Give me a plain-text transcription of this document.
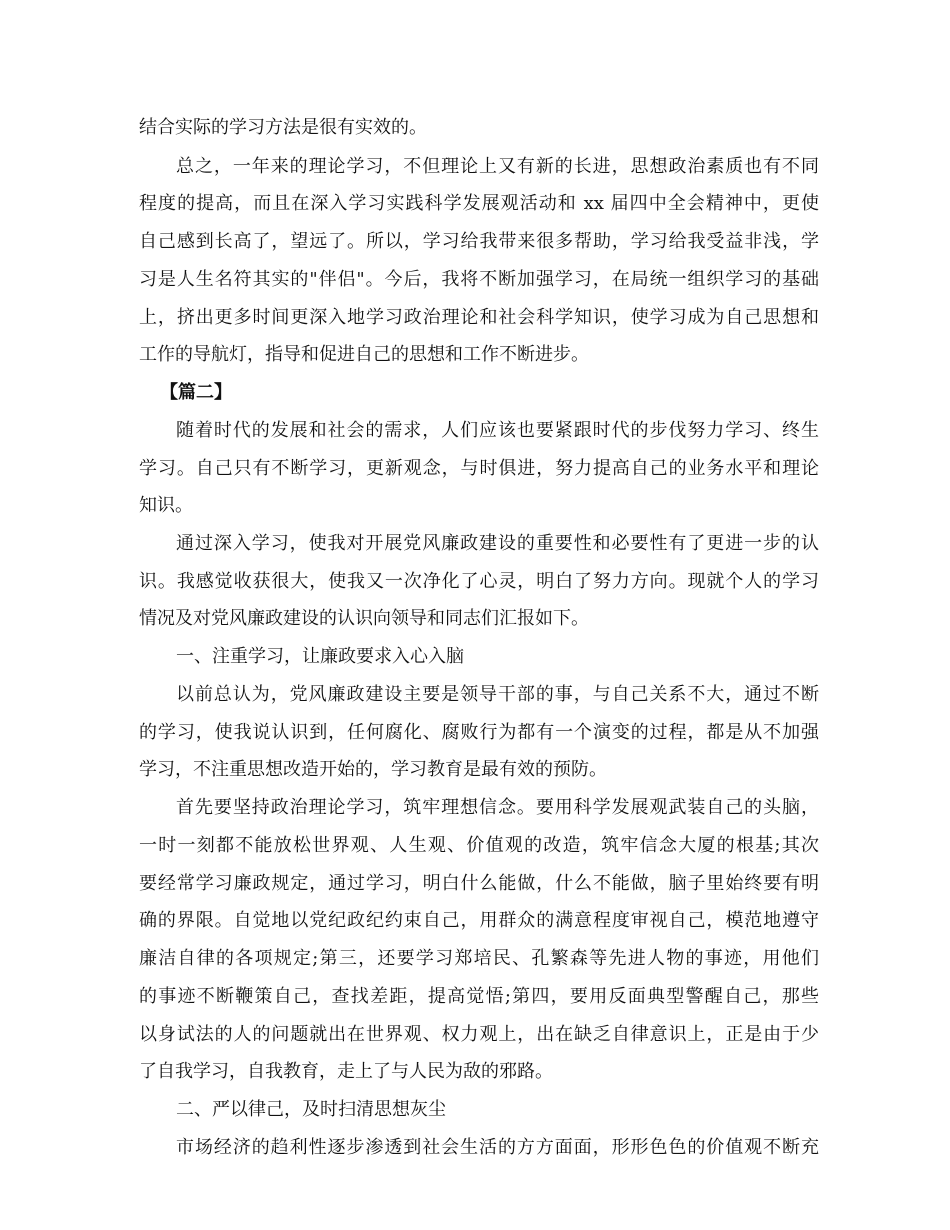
结合实际的学习方法是很有实效的。

总之，一年来的理论学习，不但理论上又有新的长进，思想政治素质也有不同

程度的提高，而且在深入学习实践科学发展观活动和 xx 届四中全会精神中，更使

自己感到长高了，望远了。所以，学习给我带来很多帮助，学习给我受益非浅，学

习是人生名符其实的"伴侣"。今后，我将不断加强学习，在局统一组织学习的基础

上，挤出更多时间更深入地学习政治理论和社会科学知识，使学习成为自己思想和

工作的导航灯，指导和促进自己的思想和工作不断进步。

【篇二】

随着时代的发展和社会的需求，人们应该也要紧跟时代的步伐努力学习、终生

学习。自己只有不断学习，更新观念，与时俱进，努力提高自己的业务水平和理论

知识。

通过深入学习，使我对开展党风廉政建设的重要性和必要性有了更进一步的认

识。我感觉收获很大，使我又一次净化了心灵，明白了努力方向。现就个人的学习

情况及对党风廉政建设的认识向领导和同志们汇报如下。

一、注重学习，让廉政要求入心入脑

以前总认为，党风廉政建设主要是领导干部的事，与自己关系不大，通过不断

的学习，使我说认识到，任何腐化、腐败行为都有一个演变的过程，都是从不加强

学习，不注重思想改造开始的，学习教育是最有效的预防。

首先要坚持政治理论学习，筑牢理想信念。要用科学发展观武装自己的头脑，

一时一刻都不能放松世界观、人生观、价值观的改造，筑牢信念大厦的根基;其次

要经常学习廉政规定，通过学习，明白什么能做，什么不能做，脑子里始终要有明

确的界限。自觉地以党纪政纪约束自己，用群众的满意程度审视自己，模范地遵守

廉洁自律的各项规定;第三，还要学习郑培民、孔繁森等先进人物的事迹，用他们

的事迹不断鞭策自己，查找差距，提高觉悟;第四，要用反面典型警醒自己，那些

以身试法的人的问题就出在世界观、权力观上，出在缺乏自律意识上，正是由于少

了自我学习，自我教育，走上了与人民为敌的邪路。

二、严以律己，及时扫清思想灰尘

市场经济的趋利性逐步渗透到社会生活的方方面面，形形色色的价值观不断充
